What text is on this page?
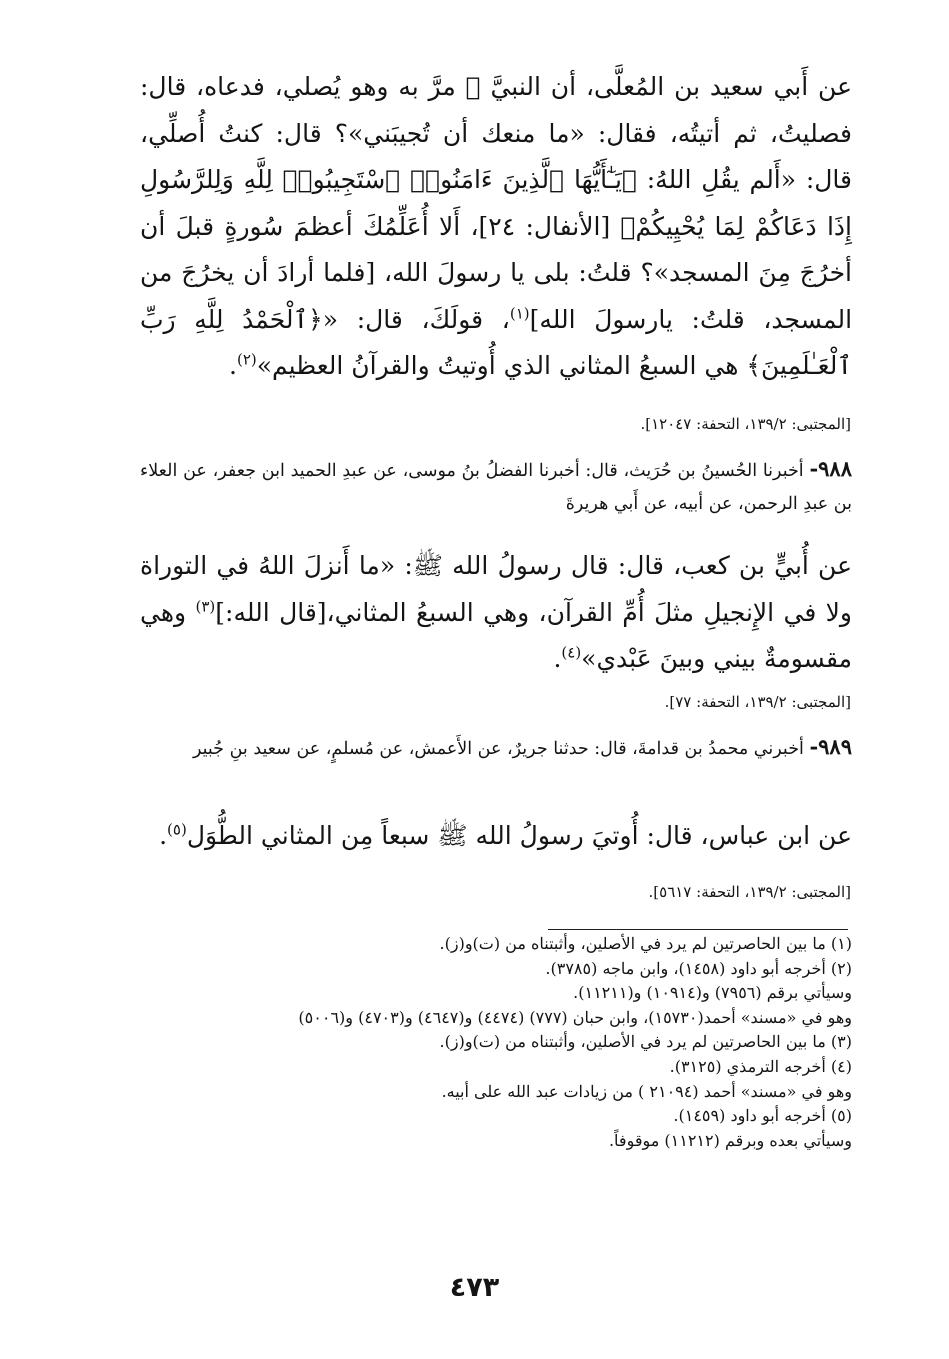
عن أَبي سعيد بن المُعلَّى، أن النبيَّ ﷺ مرَّ به وهو يُصلي، فدعاه، قال: فصليتُ، ثم أتيتُه، فقال: «ما منعك أن تُجيبَني»؟ قال: كنتُ أُصلِّي، قال: «أَلم يقُلِ اللهُ: ﴿يَـٰٓأَيُّهَا ٱلَّذِينَ ءَامَنُوا۟ ٱسْتَجِيبُوا۟ لِلَّهِ وَلِلرَّسُولِ إِذَا دَعَاكُمْ لِمَا يُحْيِيكُمْ﴾ [الأنفال: ٢٤]، أَلا أُعَلِّمُكَ أعظمَ سُورةٍ قبلَ أن أخرُجَ مِنَ المسجد»؟ قلتُ: بلى يا رسولَ الله، [فلما أرادَ أن يخرُجَ من المسجد، قلتُ: يارسولَ الله]$^{(١)}$، قولَكَ، قال: «﴿ٱلْحَمْدُ لِلَّهِ رَبِّ ٱلْعَـٰلَمِينَ﴾ هي السبعُ المثاني الذي أُوتيتُ والقرآنُ العظيم»$^{(٢)}$.

[المجتبى: ١٣٩/٢، التحفة: ١٢٠٤٧].

٩٨٨- أخبرنا الحُسينُ بن حُرَيث، قال: أخبرنا الفضلُ بنُ موسى، عن عبدِ الحميد ابن جعفر، عن العلاء بن عبدِ الرحمن، عن أبيه، عن أَبي هريرةَ

عن أُبيٍّ بن كعب، قال: قال رسولُ الله ﷺ: «ما أَنزلَ اللهُ في التوراة ولا في الإِنجيلِ مثلَ أُمِّ القرآن، وهي السبعُ المثاني،[قال الله:]$^{(٣)}$ وهي مقسومةٌ بيني وبينَ عَبْدي»$^{(٤)}$.

[المجتبى: ١٣٩/٢، التحفة: ٧٧].

٩٨٩- أخبرني محمدُ بن قدامةَ، قال: حدثنا جريرٌ، عن الأَعمش، عن مُسلمٍ، عن سعيد بنِ جُبير

عن ابن عباس، قال: أُوتيَ رسولُ الله ﷺ سبعاً مِن المثاني الطُّوَل$^{(٥)}$.

[المجتبى: ١٣٩/٢، التحفة: ٥٦١٧].

(١) ما بين الحاصرتين لم يرد في الأصلين، وأثبتناه من (ت)و(ز).

(٢) أخرجه أبو داود (١٤٥٨)، وابن ماجه (٣٧٨٥).

وسيأتي برقم (٧٩٥٦) و(١٠٩١٤) و(١١٢١١).

وهو في «مسند» أحمد(١٥٧٣٠)، وابن حبان (٧٧٧) (٤٤٧٤) و(٤٦٤٧) و(٤٧٠٣) و(٥٠٠٦)

(٣) ما بين الحاصرتين لم يرد في الأصلين، وأثبتناه من (ت)و(ز).

(٤) أخرجه الترمذي (٣١٢٥).

وهو في «مسند» أحمد (٢١٠٩٤ ) من زيادات عبد الله على أبيه.

(٥) أخرجه أبو داود (١٤٥٩).

وسيأتي بعده وبرقم (١١٢١٢) موقوفاً.

٤٧٣
